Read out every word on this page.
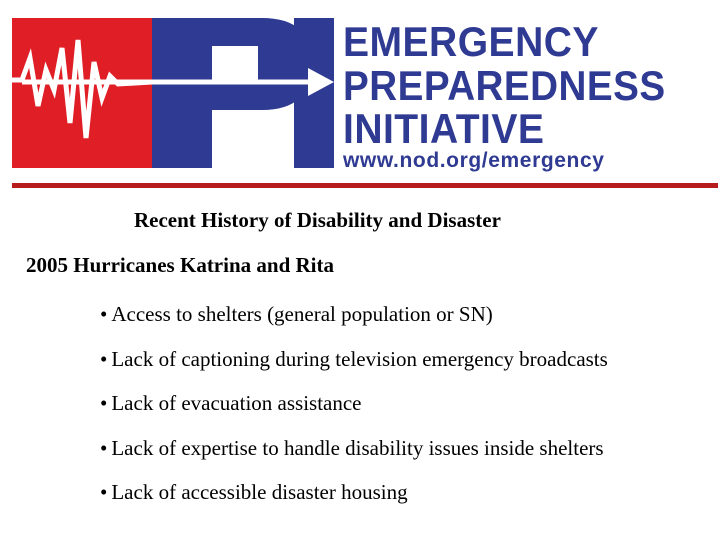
EMERGENCY
PREPAREDNESS
INITIATIVE
www.nod.org/emergency
Recent History of Disability and Disaster
2005 Hurricanes Katrina and Rita
• Access to shelters (general population or SN)
• Lack of captioning during television emergency broadcasts
• Lack of evacuation assistance
• Lack of expertise to handle disability issues inside shelters
• Lack of accessible disaster housing
